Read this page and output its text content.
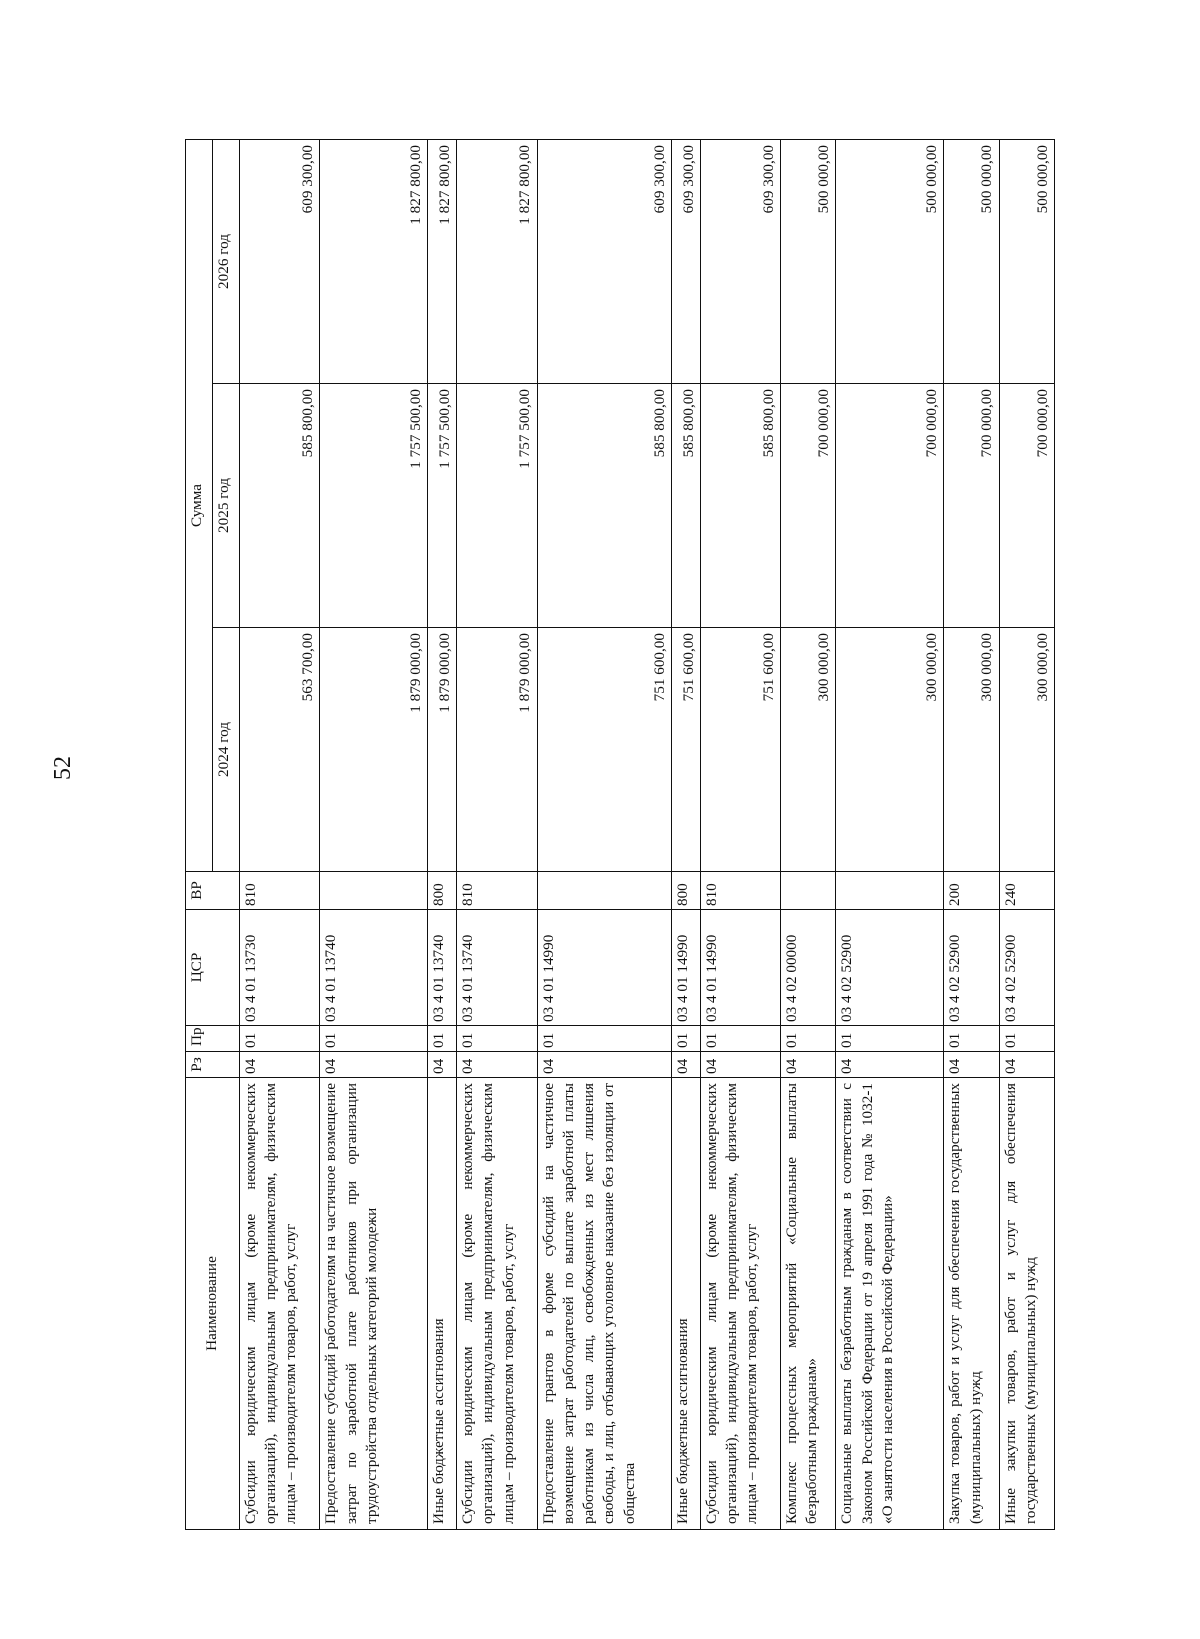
52
Наименование	Рз	Пр	ЦСР	ВР	Сумма		
					2024 год	2025 год	2026 год
Субсидии юридическим лицам (кроме некоммерческих организаций), индивидуальным предпринимателям, физическим лицам – производителям товаров, работ, услуг	04	01	03 4 01 13730	810	563 700,00	585 800,00	609 300,00
Предоставление субсидий работодателям на частичное возмещение затрат по заработной плате работников при организации трудоустройства отдельных категорий молодежи	04	01	03 4 01 13740		1 879 000,00	1 757 500,00	1 827 800,00
Иные бюджетные ассигнования	04	01	03 4 01 13740	800	1 879 000,00	1 757 500,00	1 827 800,00
Субсидии юридическим лицам (кроме некоммерческих организаций), индивидуальным предпринимателям, физическим лицам – производителям товаров, работ, услуг	04	01	03 4 01 13740	810	1 879 000,00	1 757 500,00	1 827 800,00
Предоставление грантов в форме субсидий на частичное возмещение затрат работодателей по выплате заработной платы работникам из числа лиц, освобожденных из мест лишения свободы, и лиц, отбывающих уголовное наказание без изоляции от общества	04	01	03 4 01 14990		751 600,00	585 800,00	609 300,00
Иные бюджетные ассигнования	04	01	03 4 01 14990	800	751 600,00	585 800,00	609 300,00
Субсидии юридическим лицам (кроме некоммерческих организаций), индивидуальным предпринимателям, физическим лицам – производителям товаров, работ, услуг	04	01	03 4 01 14990	810	751 600,00	585 800,00	609 300,00
Комплекс процессных мероприятий «Социальные выплаты безработным гражданам»	04	01	03 4 02 00000		300 000,00	700 000,00	500 000,00
Социальные выплаты безработным гражданам в соответствии с Законом Российской Федерации от 19 апреля 1991 года № 1032-1 «О занятости населения в Российской Федерации»	04	01	03 4 02 52900		300 000,00	700 000,00	500 000,00
Закупка товаров, работ и услуг для обеспечения государственных (муниципальных) нужд	04	01	03 4 02 52900	200	300 000,00	700 000,00	500 000,00
Иные закупки товаров, работ и услуг для обеспечения государственных (муниципальных) нужд	04	01	03 4 02 52900	240	300 000,00	700 000,00	500 000,00
